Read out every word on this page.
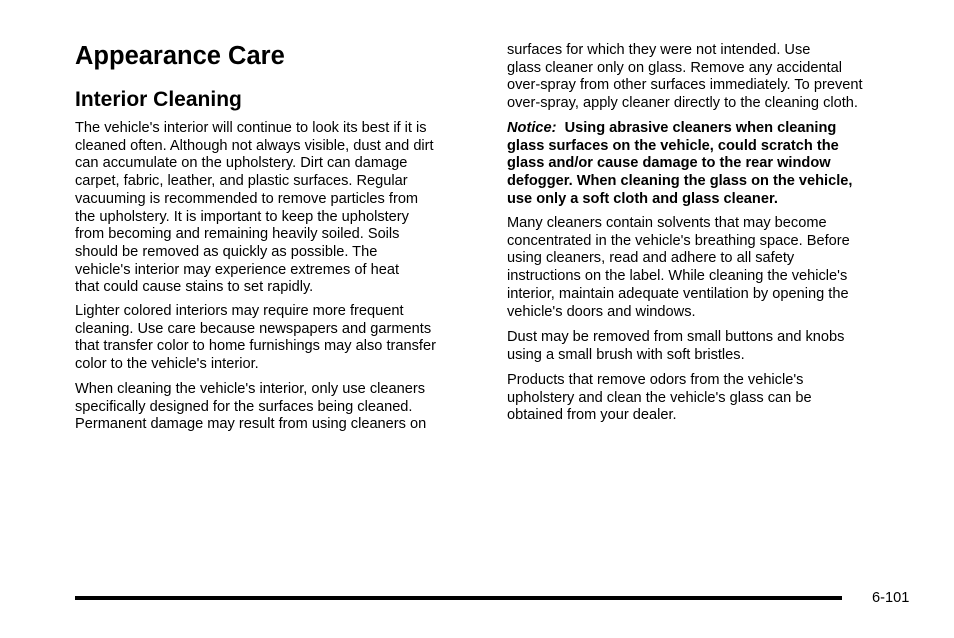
Appearance Care
Interior Cleaning

The vehicle's interior will continue to look its best if it is
cleaned often. Although not always visible, dust and dirt
can accumulate on the upholstery. Dirt can damage
carpet, fabric, leather, and plastic surfaces. Regular
vacuuming is recommended to remove particles from
the upholstery. It is important to keep the upholstery
from becoming and remaining heavily soiled. Soils
should be removed as quickly as possible. The
vehicle's interior may experience extremes of heat
that could cause stains to set rapidly.

Lighter colored interiors may require more frequent
cleaning. Use care because newspapers and garments
that transfer color to home furnishings may also transfer
color to the vehicle's interior.

When cleaning the vehicle's interior, only use cleaners
specifically designed for the surfaces being cleaned.
Permanent damage may result from using cleaners on

surfaces for which they were not intended. Use
glass cleaner only on glass. Remove any accidental
over-spray from other surfaces immediately. To prevent
over-spray, apply cleaner directly to the cleaning cloth.

Notice: Using abrasive cleaners when cleaning
glass surfaces on the vehicle, could scratch the
glass and/or cause damage to the rear window
defogger. When cleaning the glass on the vehicle,
use only a soft cloth and glass cleaner.

Many cleaners contain solvents that may become
concentrated in the vehicle's breathing space. Before
using cleaners, read and adhere to all safety
instructions on the label. While cleaning the vehicle's
interior, maintain adequate ventilation by opening the
vehicle's doors and windows.

Dust may be removed from small buttons and knobs
using a small brush with soft bristles.

Products that remove odors from the vehicle's
upholstery and clean the vehicle's glass can be
obtained from your dealer.

6-101
